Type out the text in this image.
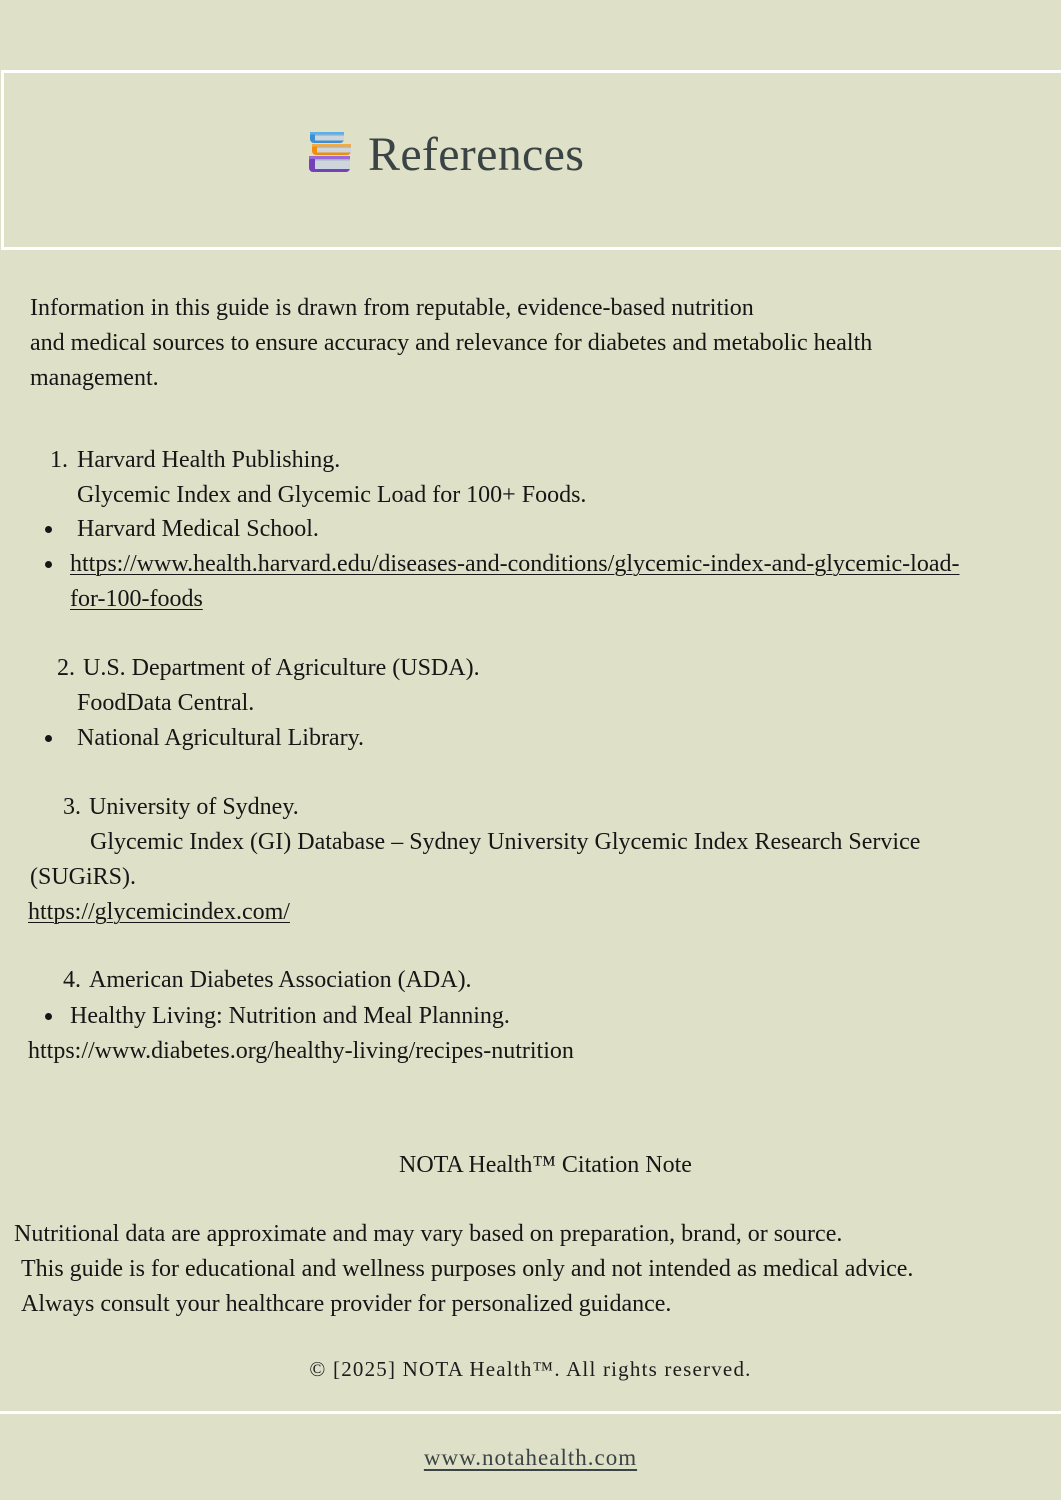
References
Information in this guide is drawn from reputable, evidence-based nutrition
and medical sources to ensure accuracy and relevance for diabetes and metabolic health
management.
1. Harvard Health Publishing.
Glycemic Index and Glycemic Load for 100+ Foods.
Harvard Medical School.
https://www.health.harvard.edu/diseases-and-conditions/glycemic-index-and-glycemic-load-
for-100-foods
2. U.S. Department of Agriculture (USDA).
FoodData Central.
National Agricultural Library.
3. University of Sydney.
Glycemic Index (GI) Database – Sydney University Glycemic Index Research Service
(SUGiRS).
https://glycemicindex.com/
4. American Diabetes Association (ADA).
Healthy Living: Nutrition and Meal Planning.
https://www.diabetes.org/healthy-living/recipes-nutrition
NOTA Health™ Citation Note
Nutritional data are approximate and may vary based on preparation, brand, or source.
This guide is for educational and wellness purposes only and not intended as medical advice.
Always consult your healthcare provider for personalized guidance.
© [2025] NOTA Health™. All rights reserved.
www.notahealth.com
